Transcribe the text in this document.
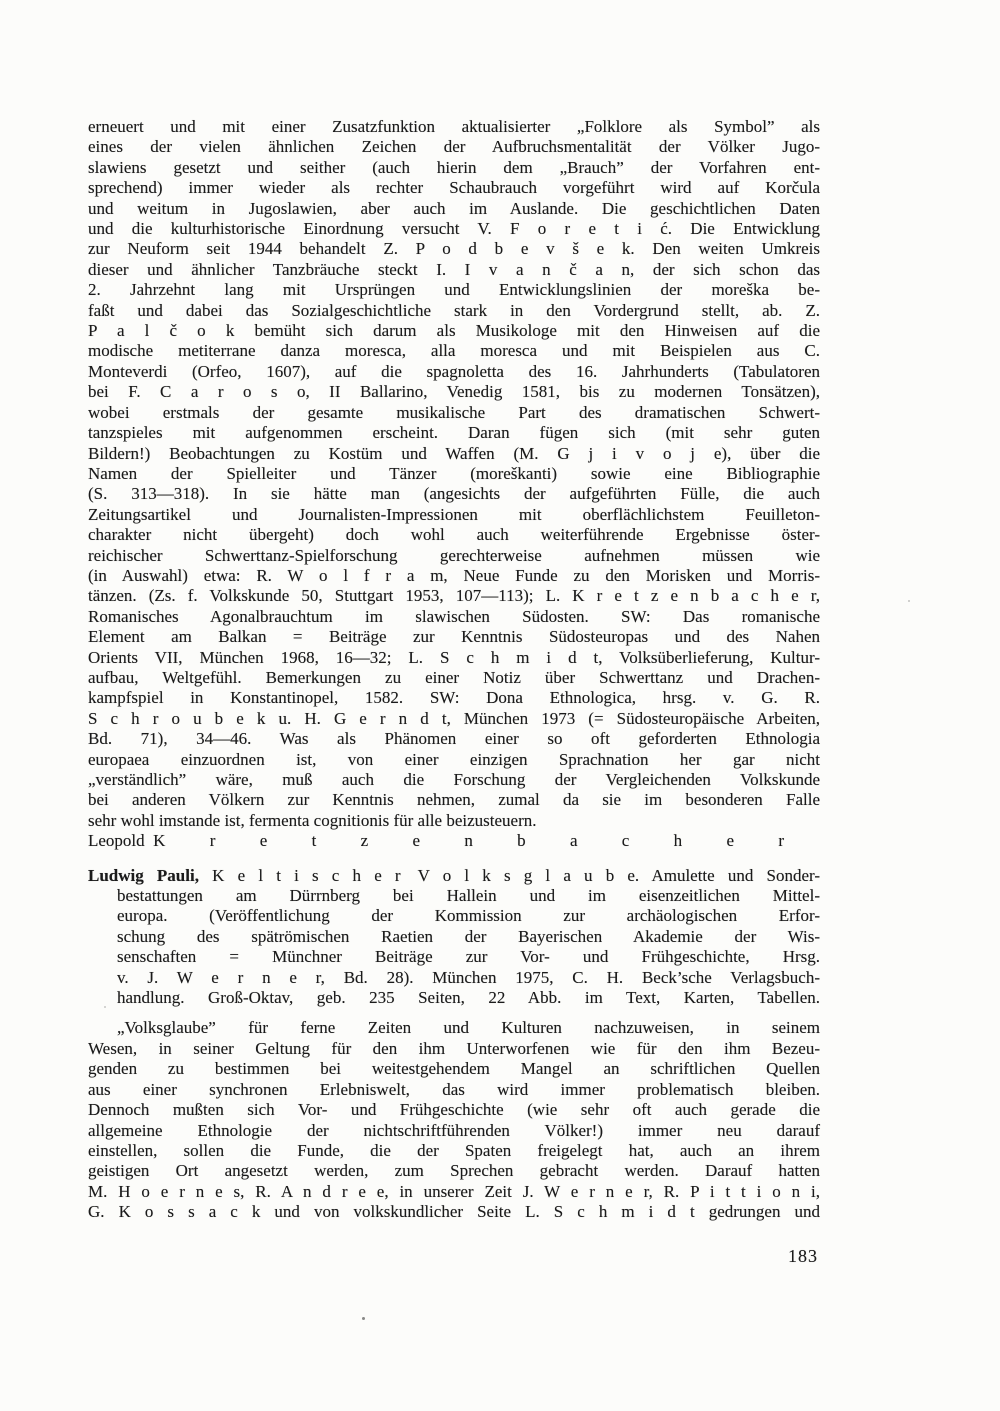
erneuert und mit einer Zusatzfunktion aktualisierter „Folklore als Symbol” als
eines der vielen ähnlichen Zeichen der Aufbruchsmentalität der Völker Jugo-
slawiens gesetzt und seither (auch hierin dem „Brauch” der Vorfahren ent-
sprechend) immer wieder als rechter Schaubrauch vorgeführt wird auf Korčula
und weitum in Jugoslawien, aber auch im Auslande. Die geschichtlichen Daten
und die kulturhistorische Einordnung versucht V. F o r e t i ć. Die Entwicklung
zur Neuform seit 1944 behandelt Z. P o d b e v š e k. Den weiten Umkreis
dieser und ähnlicher Tanzbräuche steckt I. I v a n č a n, der sich schon das
2. Jahrzehnt lang mit Ursprüngen und Entwicklungslinien der moreška be-
faßt und dabei das Sozialgeschichtliche stark in den Vordergrund stellt, ab. Z.
P a l č o k bemüht sich darum als Musikologe mit den Hinweisen auf die
modische metiterrane danza moresca, alla moresca und mit Beispielen aus C.
Monteverdi (Orfeo, 1607), auf die spagnoletta des 16. Jahrhunderts (Tabulatoren
bei F. C a r o s o, II Ballarino, Venedig 1581, bis zu modernen Tonsätzen),
wobei erstmals der gesamte musikalische Part des dramatischen Schwert-
tanzspieles mit aufgenommen erscheint. Daran fügen sich (mit sehr guten
Bildern!) Beobachtungen zu Kostüm und Waffen (M. G j i v o j e), über die
Namen der Spielleiter und Tänzer (moreškanti) sowie eine Bibliographie
(S. 313—318). In sie hätte man (angesichts der aufgeführten Fülle, die auch
Zeitungsartikel und Journalisten-Impressionen mit oberflächlichstem Feuilleton-
charakter nicht übergeht) doch wohl auch weiterführende Ergebnisse öster-
reichischer Schwerttanz-Spielforschung gerechterweise aufnehmen müssen wie
(in Auswahl) etwa: R. W o l f r a m, Neue Funde zu den Morisken und Morris-
tänzen. (Zs. f. Volkskunde 50, Stuttgart 1953, 107—113); L. K r e t z e n b a c h e r,
Romanisches Agonalbrauchtum im slawischen Südosten. SW: Das romanische
Element am Balkan = Beiträge zur Kenntnis Südosteuropas und des Nahen
Orients VII, München 1968, 16—32; L. S c h m i d t, Volksüberlieferung, Kultur-
aufbau, Weltgefühl. Bemerkungen zu einer Notiz über Schwerttanz und Drachen-
kampfspiel in Konstantinopel, 1582. SW: Dona Ethnologica, hrsg. v. G. R.
S c h r o u b e k u. H. G e r n d t, München 1973 (= Südosteuropäische Arbeiten,
Bd. 71), 34—46. Was als Phänomen einer so oft geforderten Ethnologia
europaea einzuordnen ist, von einer einzigen Sprachnation her gar nicht
„verständlich” wäre, muß auch die Forschung der Vergleichenden Volkskunde
bei anderen Völkern zur Kenntnis nehmen, zumal da sie im besonderen Falle
sehr wohl imstande ist, fermenta cognitionis für alle beizusteuern.
Leopold K r e t z e n b a c h e r
Ludwig Pauli, K e l t i s c h e r V o l k s g l a u b e. Amulette und Sonder-
bestattungen am Dürrnberg bei Hallein und im eisenzeitlichen Mittel-
europa. (Veröffentlichung der Kommission zur archäologischen Erfor-
schung des spätrömischen Raetien der Bayerischen Akademie der Wis-
senschaften = Münchner Beiträge zur Vor- und Frühgeschichte, Hrsg.
v. J. W e r n e r, Bd. 28). München 1975, C. H. Beck’sche Verlagsbuch-
handlung. Groß-Oktav, geb. 235 Seiten, 22 Abb. im Text, Karten, Tabellen.
„Volksglaube” für ferne Zeiten und Kulturen nachzuweisen, in seinem
Wesen, in seiner Geltung für den ihm Unterworfenen wie für den ihm Bezeu-
genden zu bestimmen bei weitestgehendem Mangel an schriftlichen Quellen
aus einer synchronen Erlebniswelt, das wird immer problematisch bleiben.
Dennoch mußten sich Vor- und Frühgeschichte (wie sehr oft auch gerade die
allgemeine Ethnologie der nichtschriftführenden Völker!) immer neu darauf
einstellen, sollen die Funde, die der Spaten freigelegt hat, auch an ihrem
geistigen Ort angesetzt werden, zum Sprechen gebracht werden. Darauf hatten
M. H o e r n e s, R. A n d r e e, in unserer Zeit J. W e r n e r, R. P i t t i o n i,
G. K o s s a c k und von volkskundlicher Seite L. S c h m i d t gedrungen und
183
